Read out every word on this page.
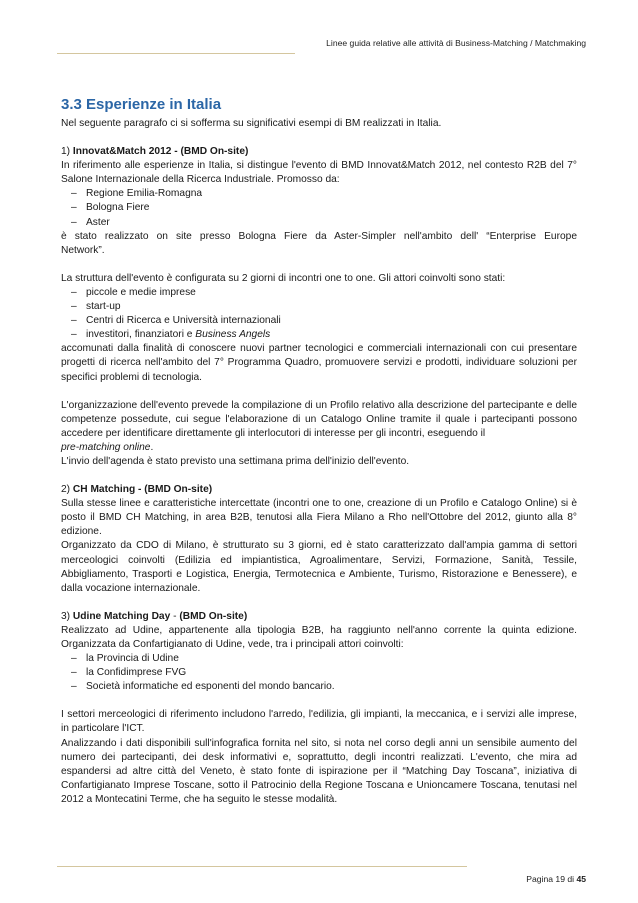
Linee guida relative alle attività di Business-Matching / Matchmaking
3.3 Esperienze in Italia

Nel seguente paragrafo ci si sofferma su significativi esempi di BM realizzati in Italia.

1) Innovat&Match 2012 - (BMD On-site)

In riferimento alle esperienze in Italia, si distingue l'evento di BMD Innovat&Match 2012, nel contesto R2B del 7° Salone Internazionale della Ricerca Industriale. Promosso da:

– Regione Emilia-Romagna
– Bologna Fiere
– Aster

è stato realizzato on site presso Bologna Fiere da Aster-Simpler nell'ambito dell' “Enterprise Europe

Network”.

La struttura dell'evento è configurata su 2 giorni di incontri one to one. Gli attori coinvolti sono stati:

– piccole e medie imprese
– start-up
– Centri di Ricerca e Università internazionali
– investitori, finanziatori e Business Angels

accomunati dalla finalità di conoscere nuovi partner tecnologici e commerciali internazionali con cui presentare progetti di ricerca nell'ambito del 7° Programma Quadro, promuovere servizi e prodotti, individuare soluzioni per specifici problemi di tecnologia.

L'organizzazione dell'evento prevede la compilazione di un Profilo relativo alla descrizione del partecipante e delle competenze possedute, cui segue l'elaborazione di un Catalogo Online tramite il quale i partecipanti possono accedere per identificare direttamente gli interlocutori di interesse per gli incontri, eseguendo il
pre-matching online.

L'invio dell'agenda è stato previsto una settimana prima dell'inizio dell'evento.

2) CH Matching - (BMD On-site)

Sulla stesse linee e caratteristiche intercettate (incontri one to one, creazione di un Profilo e Catalogo Online) si è posto il BMD CH Matching, in area B2B, tenutosi alla Fiera Milano a Rho nell'Ottobre del 2012, giunto alla 8° edizione.

Organizzato da CDO di Milano, è strutturato su 3 giorni, ed è stato caratterizzato dall'ampia gamma di settori merceologici coinvolti (Edilizia ed impiantistica, Agroalimentare, Servizi, Formazione, Sanità, Tessile, Abbigliamento, Trasporti e Logistica, Energia, Termotecnica e Ambiente, Turismo, Ristorazione e Benessere), e dalla vocazione internazionale.

3) Udine Matching Day - (BMD On-site)

Realizzato ad Udine, appartenente alla tipologia B2B, ha raggiunto nell'anno corrente la quinta edizione. Organizzata da Confartigianato di Udine, vede, tra i principali attori coinvolti:

– la Provincia di Udine
– la Confidimprese FVG
– Società informatiche ed esponenti del mondo bancario.

I settori merceologici di riferimento includono l'arredo, l'edilizia, gli impianti, la meccanica, e i servizi alle imprese, in particolare l'ICT.

Analizzando i dati disponibili sull'infografica fornita nel sito, si nota nel corso degli anni un sensibile aumento del numero dei partecipanti, dei desk informativi e, soprattutto, degli incontri realizzati. L'evento, che mira ad espandersi ad altre città del Veneto, è stato fonte di ispirazione per il “Matching Day Toscana”, iniziativa di Confartigianato Imprese Toscane, sotto il Patrocinio della Regione Toscana e Unioncamere Toscana, tenutasi nel 2012 a Montecatini Terme, che ha seguito le stesse modalità.

Pagina 19 di 45
